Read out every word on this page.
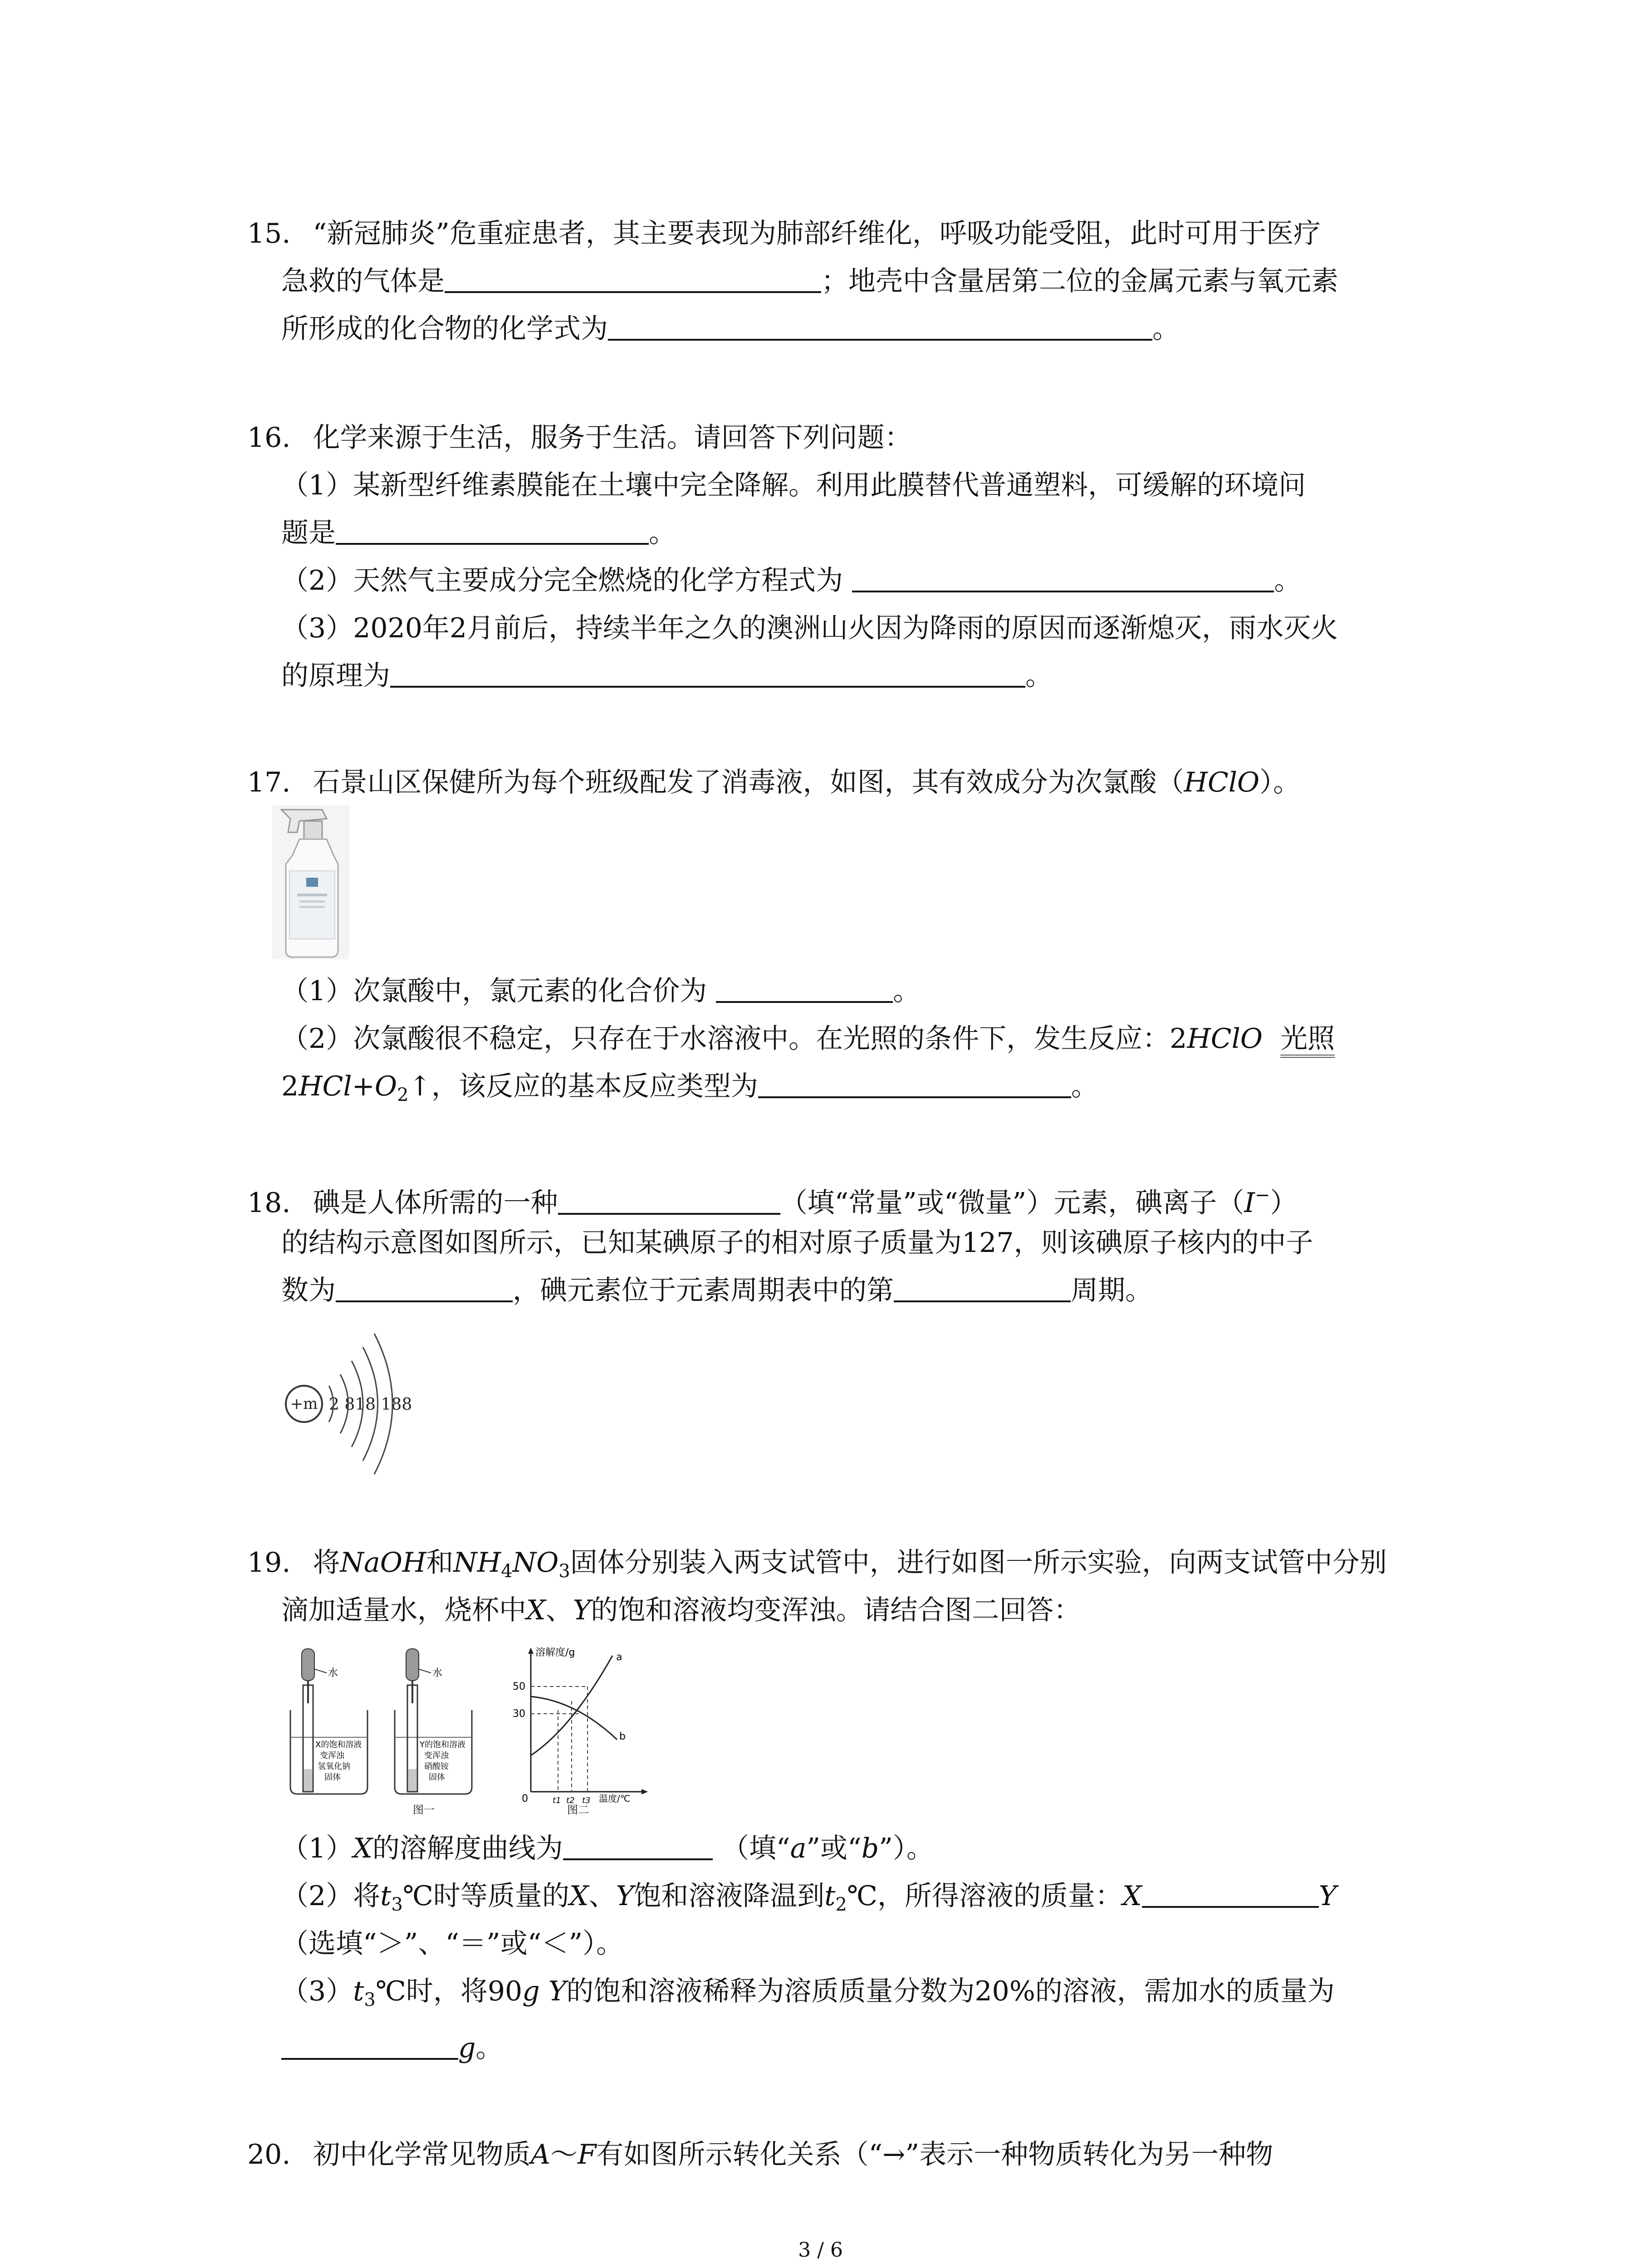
15. “新冠肺炎”危重症患者，其主要表现为肺部纤维化，呼吸功能受阻，此时可用于医疗
急救的气体是	；地壳中含量居第二位的金属元素与氧元素
所形成的化合物的化学式为	。
16. 化学来源于生活，服务于生活。请回答下列问题：
（1）某新型纤维素膜能在土壤中完全降解。利用此膜替代普通塑料，可缓解的环境问
题是	。
（2）天然气主要成分完全燃烧的化学方程式为	。
（3）2020年2月前后，持续半年之久的澳洲山火因为降雨的原因而逐渐熄灭，雨水灭火
的原理为	。
17. 石景山区保健所为每个班级配发了消毒液，如图，其有效成分为次氯酸（HClO）。
（1）次氯酸中，氯元素的化合价为	。
（2）次氯酸很不稳定，只存在于水溶液中。在光照的条件下，发生反应：2HClO 光照
$2HCl+O_2↑$，该反应的基本反应类型为	。
18. 碘是人体所需的一种	（填“常量”或“微量”）元素，碘离子（I−）
的结构示意图如图所示，已知某碘原子的相对原子质量为127，则该碘原子核内的中子
数为	，碘元素位于元素周期表中的第	周期。
+m 2 818 188
19. 将NaOH和$NH_4NO_3$固体分别装入两支试管中，进行如图一所示实验，向两支试管中分别
滴加适量水，烧杯中X、Y的饱和溶液均变浑浊。请结合图二回答：
水
X的饱和溶液
变浑浊
氢氧化钠
固体
水
Y的饱和溶液
变浑浊
硝酸铵
固体
图一
溶解度/g
温度/℃
50
30
0
a
b
t1 t2 t3
图二
（1）X的溶解度曲线为	（填“a”或“b”）。
（2）将$t_3℃$时等质量的X、Y饱和溶液降温到$t_2℃$，所得溶液的质量：X	Y
（选填“＞”、“＝”或“＜”）。
$(3)t_3℃$时，将90g Y的饱和溶液稀释为溶质质量分数为20%的溶液，需加水的质量为
g。
20. 初中化学常见物质A～F有如图所示转化关系（“→”表示一种物质转化为另一种物
3 / 6
